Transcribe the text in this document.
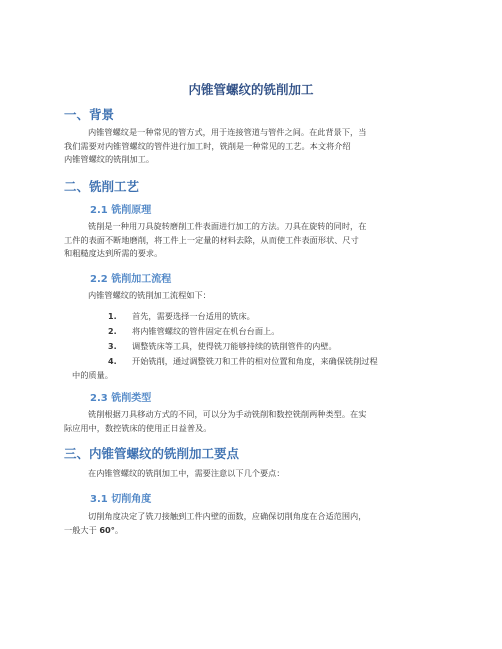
内锥管螺纹的铣削加工
一、背景
内锥管螺纹是一种常见的管方式，用于连接管道与管件之间。在此背景下，当
我们需要对内锥管螺纹的管件进行加工时，铣削是一种常见的工艺。本文将介绍
内锥管螺纹的铣削加工。
二、铣削工艺
2.1 铣削原理
铣削是一种用刀具旋转磨削工件表面进行加工的方法。刀具在旋转的同时，在
工件的表面不断地磨削，将工件上一定量的材料去除，从而使工件表面形状、尺寸
和粗糙度达到所需的要求。
2.2 铣削加工流程
内锥管螺纹的铣削加工流程如下：
1.	首先，需要选择一台适用的铣床。
2.	将内锥管螺纹的管件固定在机台台面上。
3.	调整铣床等工具，使得铣刀能够持续的铣削管件的内壁。
4.	开始铣削，通过调整铣刀和工件的相对位置和角度，来确保铣削过程
中的质量。
2.3 铣削类型
铣削根据刀具移动方式的不同，可以分为手动铣削和数控铣削两种类型。在实
际应用中，数控铣床的使用正日益普及。
三、内锥管螺纹的铣削加工要点
在内锥管螺纹的铣削加工中，需要注意以下几个要点：
3.1 切削角度
切削角度决定了铣刀接触到工件内壁的面数，应确保切削角度在合适范围内，
一般大于 60°。
